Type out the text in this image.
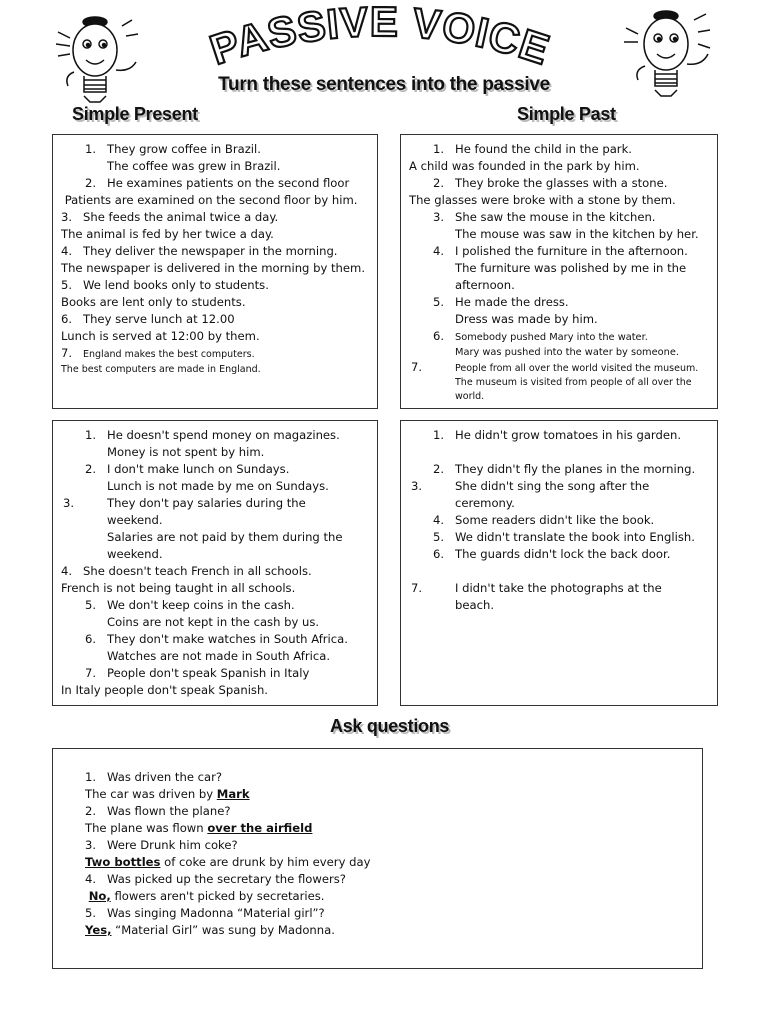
PASSIVE VOICE
Turn these sentences into the passive
Simple Present	Simple Past
1. They grow coffee in Brazil.
The coffee was grew in Brazil.
2. He examines patients on the second floor
Patients are examined on the second floor by him.
3. She feeds the animal twice a day.
The animal is fed by her twice a day.
4. They deliver the newspaper in the morning.
The newspaper is delivered in the morning by them.
5. We lend books only to students.
Books are lent only to students.
6. They serve lunch at 12.00
Lunch is served at 12:00 by them.
7. England makes the best computers.
The best computers are made in England.
1. He found the child in the park.
A child was founded in the park by him.
2. They broke the glasses with a stone.
The glasses were broke with a stone by them.
3. She saw the mouse in the kitchen.
The mouse was saw in the kitchen by her.
4. I polished the furniture in the afternoon.
The furniture was polished by me in the afternoon.
5. He made the dress.
Dress was made by him.
6. Somebody pushed Mary into the water.
Mary was pushed into the water by someone.
7.	People from all over the world visited the museum.
The museum is visited from people of all over the world.
1. He doesn't spend money on magazines.
Money is not spent by him.
2. I don't make lunch on Sundays.
Lunch is not made by me on Sundays.
3.	They don't pay salaries during the weekend.
Salaries are not paid by them during the weekend.
4. She doesn't teach French in all schools.
French is not being taught in all schools.
5. We don't keep coins in the cash.
Coins are not kept in the cash by us.
6. They don't make watches in South Africa.
Watches are not made in South Africa.
7. People don't speak Spanish in Italy
In Italy people don't speak Spanish.
1. He didn't grow tomatoes in his garden.

2. They didn't fly the planes in the morning.
3.	She didn't sing the song after the ceremony.
4. Some readers didn't like the book.
5. We didn't translate the book into English.
6. The guards didn't lock the back door.

7.	I didn't take the photographs at the beach.
Ask questions
1. Was driven the car?
The car was driven by Mark
2. Was flown the plane?
The plane was flown over the airfield
3. Were Drunk him coke?
Two bottles of coke are drunk by him every day
4. Was picked up the secretary the flowers?
No, flowers aren't picked by secretaries.
5. Was singing Madonna “Material girl”?
Yes, “Material Girl” was sung by Madonna.
